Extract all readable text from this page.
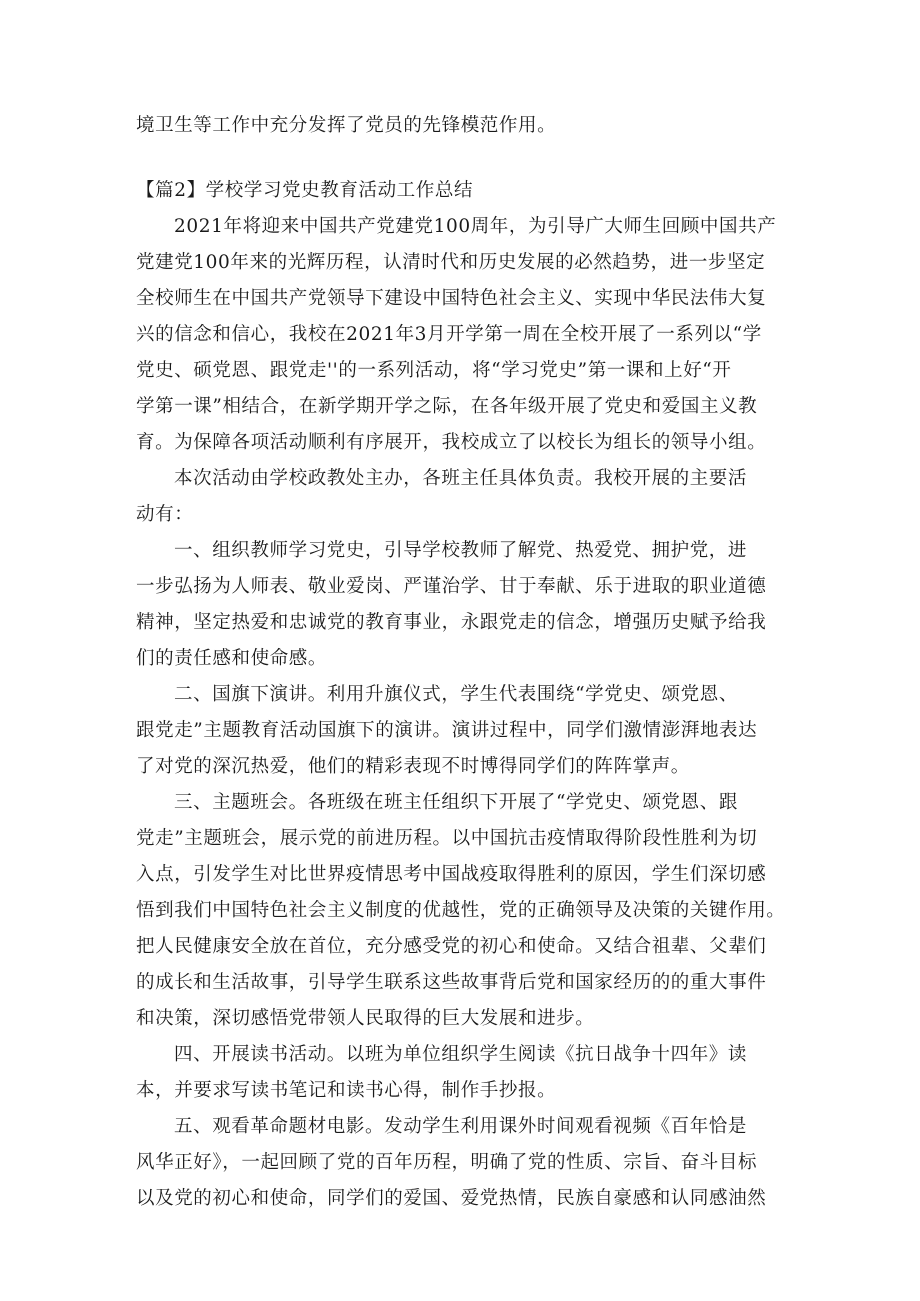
境卫生等工作中充分发挥了党员的先锋模范作用。
【篇2】学校学习党史教育活动工作总结
2021年将迎来中国共产党建党100周年，为引导广大师生回顾中国共产
党建党100年来的光辉历程，认清时代和历史发展的必然趋势，进一步坚定
全校师生在中国共产党领导下建设中国特色社会主义、实现中华民法伟大复
兴的信念和信心，我校在2021年3月开学第一周在全校开展了一系列以“学
党史、硕党恩、跟党走''的一系列活动，将“学习党史”第一课和上好“开
学第一课”相结合，在新学期开学之际，在各年级开展了党史和爱国主义教
育。为保障各项活动顺利有序展开，我校成立了以校长为组长的领导小组。
本次活动由学校政教处主办，各班主任具体负责。我校开展的主要活
动有：
一、组织教师学习党史，引导学校教师了解党、热爱党、拥护党，进
一步弘扬为人师表、敬业爱岗、严谨治学、甘于奉献、乐于进取的职业道德
精神，坚定热爱和忠诚党的教育事业，永跟党走的信念，增强历史赋予给我
们的责任感和使命感。
二、国旗下演讲。利用升旗仪式，学生代表围绕“学党史、颂党恩、
跟党走”主题教育活动国旗下的演讲。演讲过程中，同学们激情澎湃地表达
了对党的深沉热爱，他们的精彩表现不时博得同学们的阵阵掌声。
三、主题班会。各班级在班主任组织下开展了“学党史、颂党恩、跟
党走”主题班会，展示党的前进历程。以中国抗击疫情取得阶段性胜利为切
入点，引发学生对比世界疫情思考中国战疫取得胜利的原因，学生们深切感
悟到我们中国特色社会主义制度的优越性，党的正确领导及决策的关键作用。
把人民健康安全放在首位，充分感受党的初心和使命。又结合祖辈、父辈们
的成长和生活故事，引导学生联系这些故事背后党和国家经历的的重大事件
和决策，深切感悟党带领人民取得的巨大发展和进步。
四、开展读书活动。以班为单位组织学生阅读《抗日战争十四年》读
本，并要求写读书笔记和读书心得，制作手抄报。
五、观看革命题材电影。发动学生利用课外时间观看视频《百年恰是
风华正好》，一起回顾了党的百年历程，明确了党的性质、宗旨、奋斗目标
以及党的初心和使命，同学们的爱国、爱党热情，民族自豪感和认同感油然
